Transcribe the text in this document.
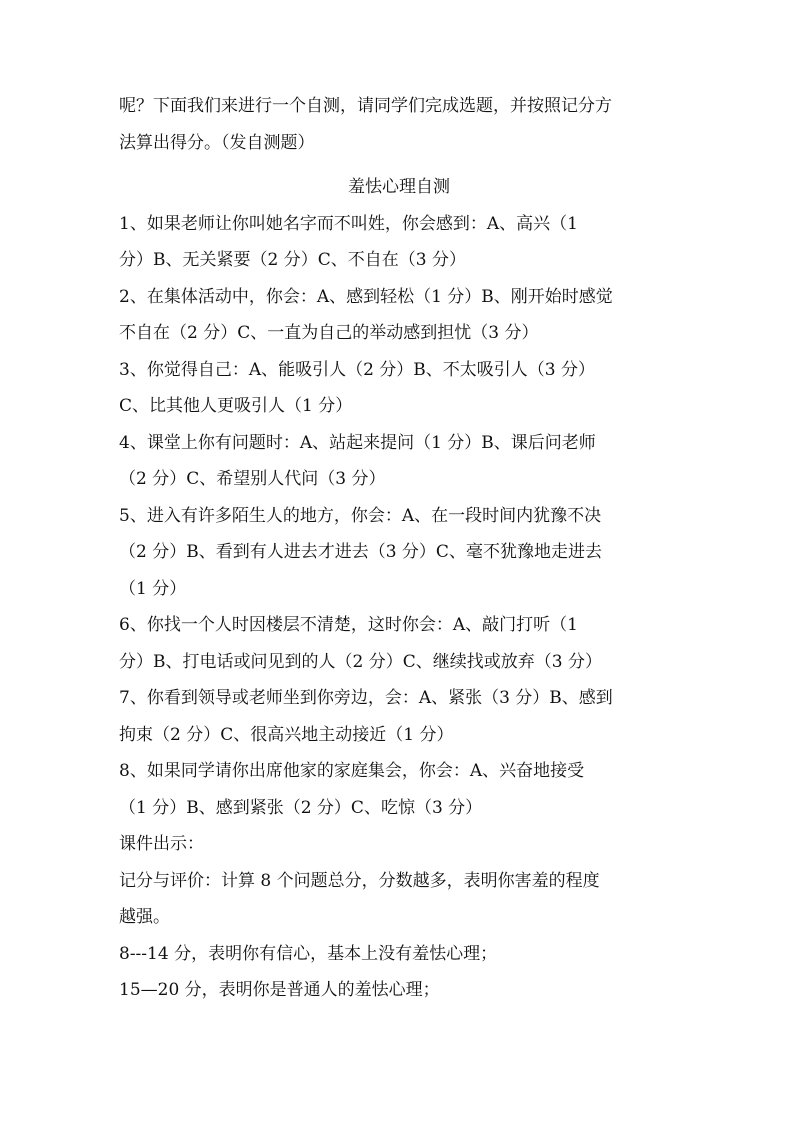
呢？下面我们来进行一个自测，请同学们完成选题，并按照记分方
法算出得分。（发自测题）
羞怯心理自测
1、如果老师让你叫她名字而不叫姓，你会感到：A、高兴（1
分）B、无关紧要（2 分）C、不自在（3 分）
2、在集体活动中，你会：A、感到轻松（1 分）B、刚开始时感觉
不自在（2 分）C、一直为自己的举动感到担忧（3 分）
3、你觉得自己：A、能吸引人（2 分）B、不太吸引人（3 分）
C、比其他人更吸引人（1 分）
4、课堂上你有问题时：A、站起来提问（1 分）B、课后问老师
（2 分）C、希望别人代问（3 分）
5、进入有许多陌生人的地方，你会：A、在一段时间内犹豫不决
（2 分）B、看到有人进去才进去（3 分）C、毫不犹豫地走进去
（1 分）
6、你找一个人时因楼层不清楚，这时你会：A、敲门打听（1
分）B、打电话或问见到的人（2 分）C、继续找或放弃（3 分）
7、你看到领导或老师坐到你旁边，会：A、紧张（3 分）B、感到
拘束（2 分）C、很高兴地主动接近（1 分）
8、如果同学请你出席他家的家庭集会，你会：A、兴奋地接受
（1 分）B、感到紧张（2 分）C、吃惊（3 分）
课件出示：
记分与评价：计算 8 个问题总分，分数越多，表明你害羞的程度
越强。
8---14 分，表明你有信心，基本上没有羞怯心理；
15—20 分，表明你是普通人的羞怯心理；
